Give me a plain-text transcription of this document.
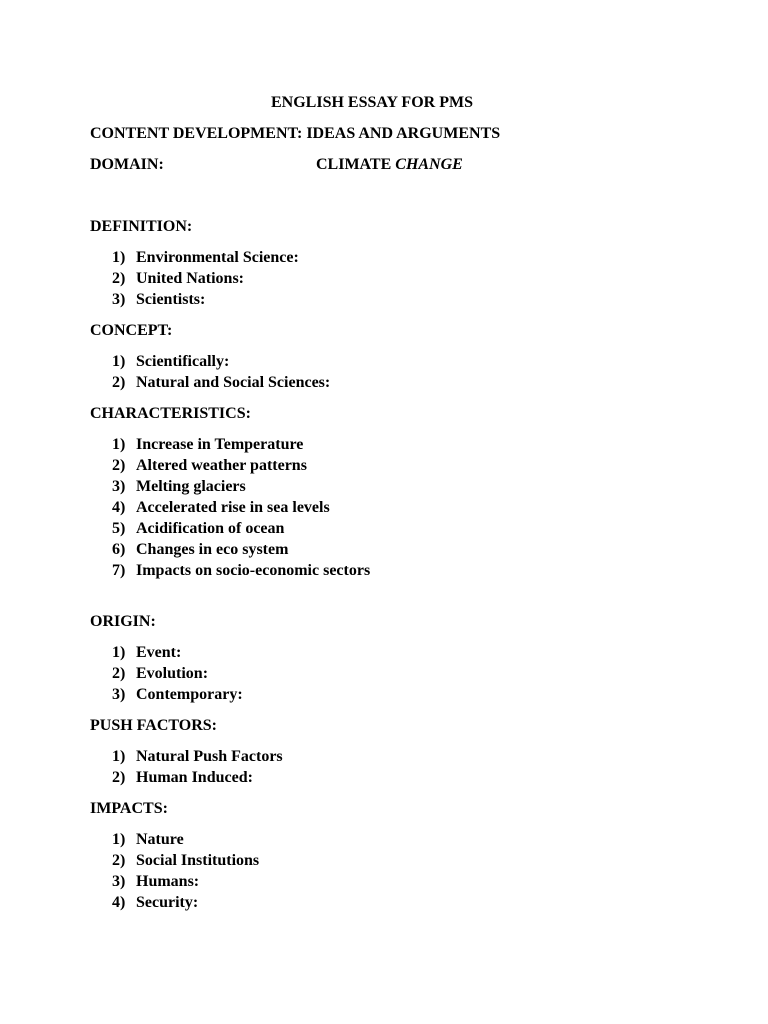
ENGLISH ESSAY FOR PMS
CONTENT DEVELOPMENT: IDEAS AND ARGUMENTS
DOMAIN:	CLIMATE CHANGE
DEFINITION:
1) Environmental Science:
2) United Nations:
3) Scientists:
CONCEPT:
1) Scientifically:
2) Natural and Social Sciences:
CHARACTERISTICS:
1) Increase in Temperature
2) Altered weather patterns
3) Melting glaciers
4) Accelerated rise in sea levels
5) Acidification of ocean
6) Changes in eco system
7) Impacts on socio-economic sectors
ORIGIN:
1) Event:
2) Evolution:
3) Contemporary:
PUSH FACTORS:
1) Natural Push Factors
2) Human Induced:
IMPACTS:
1) Nature
2) Social Institutions
3) Humans:
4) Security:
